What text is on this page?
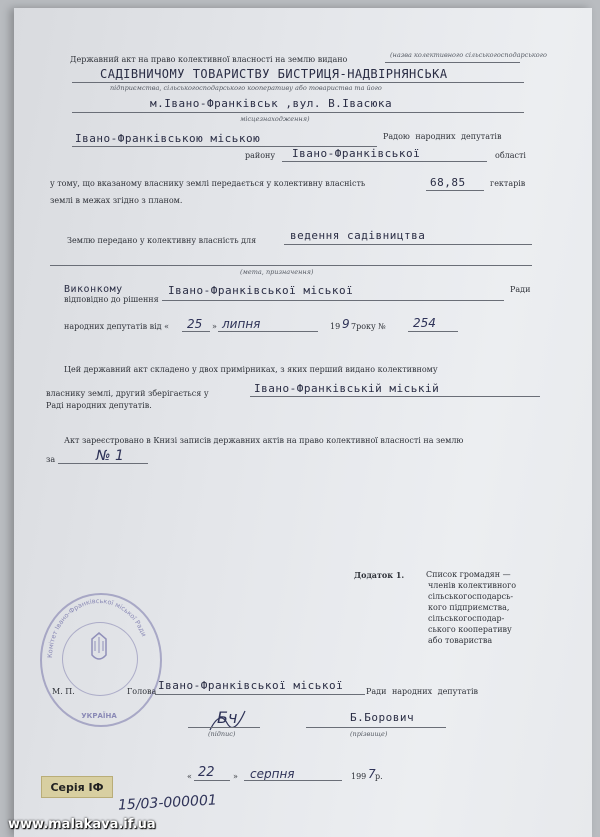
Державний акт на право колективної власності на землю видано	(назва колективного сільськогосподарського
САДІВНИЧОМУ ТОВАРИСТВУ БИСТРИЦЯ-НАДВІРНЯНСЬКА
підприємства, сільськогосподарського кооперативу або товариства та його
м.Івано-Франківськ ,вул. В.Івасюка
місцезнаходження)
Івано-Франківською міською	Радою народних депутатів
району Івано-Франківської	області
у тому, що вказаному власнику землі передається у колективну власність	68,85	гектарів
землі в межах згідно з планом.
Землю передано у колективну власність для	ведення садівництва
(мета, призначення)
Виконкому
відповідно до рішення
Івано-Франківської міської	Ради
народних депутатів від « 25 » липня	19 9 7року № 254
Цей державний акт складено у двох примірниках, з яких перший видано колективному
власнику землі, другий зберігається у	Івано-Франківській міській
Раді народних депутатів.
Акт зареєстровано в Книзі записів державних актів на право колективної власності на землю
за	№ 1
Додаток 1.	Список громадян —
членів колективного
сільськогосподарсь-
кого підприємства,
сільськогосподар-
ського кооперативу
або товариства
Комітет Івано-Франківської міської Ради
УКРАЇНА
М. П.	Голова Івано-Франківської міської	Ради народних депутатів
Бч
(підпис)
Б.Борович
(прізвище)
« 22 » серпня	199 7 р.
Серія ІФ
15/03-000001
www.malakava.if.ua
